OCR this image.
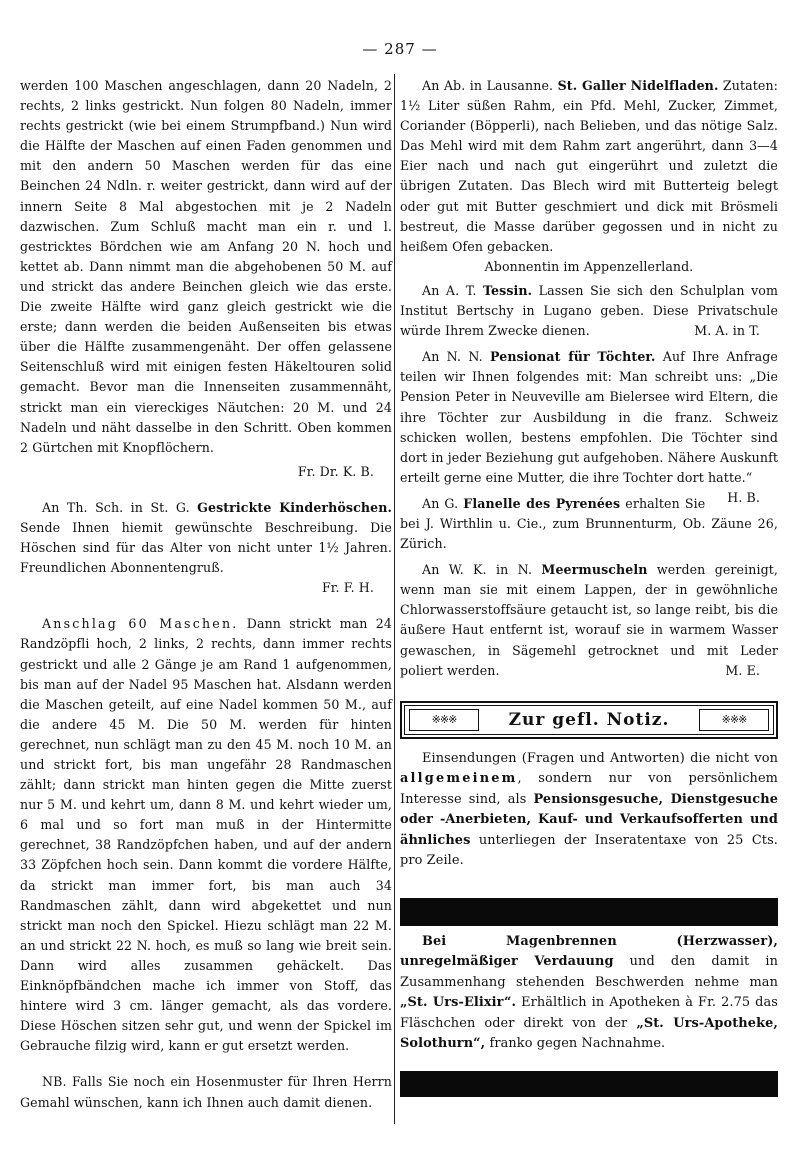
— 287 —

werden 100 Maschen angeschlagen, dann 20 Nadeln, 2 rechts, 2 links gestrickt. Nun folgen 80 Nadeln, immer rechts gestrickt (wie bei einem Strumpfband.) Nun wird die Hälfte der Maschen auf einen Faden genommen und mit den andern 50 Maschen werden für das eine Beinchen 24 Ndln. r. weiter gestrickt, dann wird auf der innern Seite 8 Mal abgestochen mit je 2 Nadeln dazwischen. Zum Schluß macht man ein r. und l. gestricktes Bördchen wie am Anfang 20 N. hoch und kettet ab. Dann nimmt man die abgehobenen 50 M. auf und strickt das andere Beinchen gleich wie das erste. Die zweite Hälfte wird ganz gleich gestrickt wie die erste; dann werden die beiden Außenseiten bis etwas über die Hälfte zusammengenäht. Der offen gelassene Seitenschluß wird mit einigen festen Häkeltouren solid gemacht. Bevor man die Innenseiten zusammennäht, strickt man ein viereckiges Näutchen: 20 M. und 24 Nadeln und näht dasselbe in den Schritt. Oben kommen 2 Gürtchen mit Knopflöchern.

Fr. Dr. K. B.

An Th. Sch. in St. G. Gestrickte Kinderhöschen. Sende Ihnen hiemit gewünschte Beschreibung. Die Höschen sind für das Alter von nicht unter 1½ Jahren. Freundlichen Abonnentengruß.

Fr. F. H.

Anschlag 60 Maschen. Dann strickt man 24 Randzöpfli hoch, 2 links, 2 rechts, dann immer rechts gestrickt und alle 2 Gänge je am Rand 1 aufgenommen, bis man auf der Nadel 95 Maschen hat. Alsdann werden die Maschen geteilt, auf eine Nadel kommen 50 M., auf die andere 45 M. Die 50 M. werden für hinten gerechnet, nun schlägt man zu den 45 M. noch 10 M. an und strickt fort, bis man ungefähr 28 Randmaschen zählt; dann strickt man hinten gegen die Mitte zuerst nur 5 M. und kehrt um, dann 8 M. und kehrt wieder um, 6 mal und so fort man muß in der Hintermitte gerechnet, 38 Randzöpfchen haben, und auf der andern 33 Zöpfchen hoch sein. Dann kommt die vordere Hälfte, da strickt man immer fort, bis man auch 34 Randmaschen zählt, dann wird abgekettet und nun strickt man noch den Spickel. Hiezu schlägt man 22 M. an und strickt 22 N. hoch, es muß so lang wie breit sein. Dann wird alles zusammen gehäckelt. Das Einknöpfbändchen mache ich immer von Stoff, das hintere wird 3 cm. länger gemacht, als das vordere. Diese Höschen sitzen sehr gut, und wenn der Spickel im Gebrauche filzig wird, kann er gut ersetzt werden.

NB. Falls Sie noch ein Hosenmuster für Ihren Herrn Gemahl wünschen, kann ich Ihnen auch damit dienen.

An Ab. in Lausanne. St. Galler Nidelfladen. Zutaten: 1½ Liter süßen Rahm, ein Pfd. Mehl, Zucker, Zimmet, Coriander (Böpperli), nach Belieben, und das nötige Salz. Das Mehl wird mit dem Rahm zart angerührt, dann 3—4 Eier nach und nach gut eingerührt und zuletzt die übrigen Zutaten. Das Blech wird mit Butterteig belegt oder gut mit Butter geschmiert und dick mit Brösmeli bestreut, die Masse darüber gegossen und in nicht zu heißem Ofen gebacken.

Abonnentin im Appenzellerland.

An A. T. Tessin. Lassen Sie sich den Schulplan vom Institut Bertschy in Lugano geben. Diese Privatschule würde Ihrem Zwecke dienen.	M. A. in T.

An N. N. Pensionat für Töchter. Auf Ihre Anfrage teilen wir Ihnen folgendes mit: Man schreibt uns: „Die Pension Peter in Neuveville am Bielersee wird Eltern, die ihre Töchter zur Ausbildung in die franz. Schweiz schicken wollen, bestens empfohlen. Die Töchter sind dort in jeder Beziehung gut aufgehoben. Nähere Auskunft erteilt gerne eine Mutter, die ihre Tochter dort hatte.“
H. B.

An G. Flanelle des Pyrenées erhalten Sie bei J. Wirthlin u. Cie., zum Brunnenturm, Ob. Zäune 26, Zürich.

An W. K. in N. Meermuscheln werden gereinigt, wenn man sie mit einem Lappen, der in gewöhnliche Chlorwasserstoffsäure getaucht ist, so lange reibt, bis die äußere Haut entfernt ist, worauf sie in warmem Wasser gewaschen, in Sägemehl getrocknet und mit Leder poliert werden.	M. E.

※※※	Zur gefl. Notiz.	※※※

Einsendungen (Fragen und Antworten) die nicht von allgemeinem, sondern nur von persönlichem Interesse sind, als Pensionsgesuche, Dienstgesuche oder -Anerbieten, Kauf- und Verkaufsofferten und ähnliches unterliegen der Inseratentaxe von 25 Cts. pro Zeile.

Bei Magenbrennen (Herzwasser), unregelmäßiger Verdauung und den damit in Zusammenhang stehenden Beschwerden nehme man „St. Urs-Elixir“. Erhältlich in Apotheken à Fr. 2.75 das Fläschchen oder direkt von der „St. Urs-Apotheke, Solothurn“, franko gegen Nachnahme.
